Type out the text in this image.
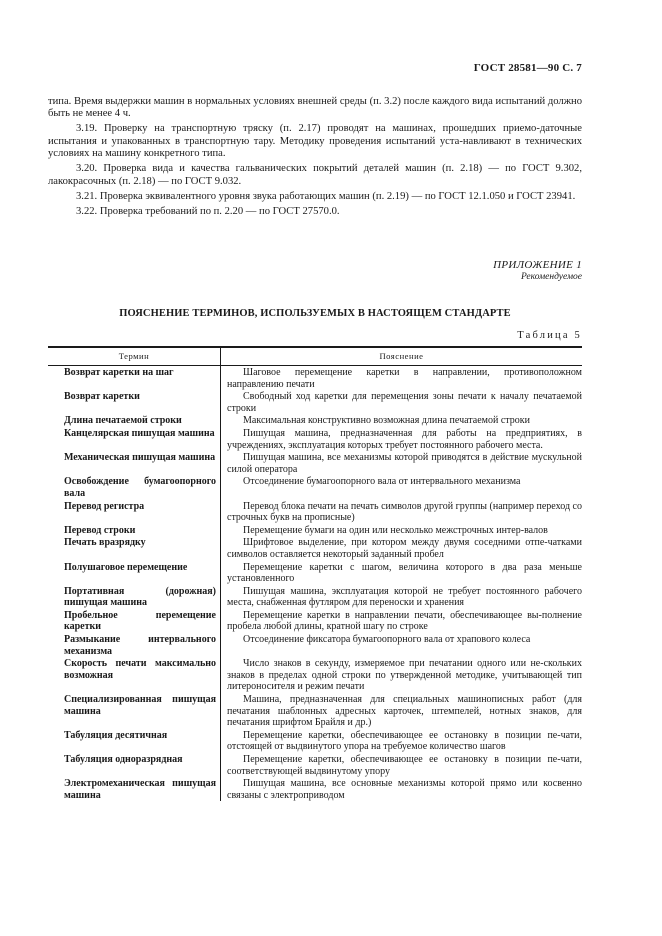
ГОСТ 28581—90 С. 7

типа. Время выдержки машин в нормальных условиях внешней среды (п. 3.2) после каждого вида испытаний должно быть не менее 4 ч.

3.19. Проверку на транспортную тряску (п. 2.17) проводят на машинах, прошедших приемо-даточные испытания и упакованных в транспортную тару. Методику проведения испытаний уста-навливают в технических условиях на машину конкретного типа.

3.20. Проверка вида и качества гальванических покрытий деталей машин (п. 2.18) — по ГОСТ 9.302, лакокрасочных (п. 2.18) — по ГОСТ 9.032.

3.21. Проверка эквивалентного уровня звука работающих машин (п. 2.19) — по ГОСТ 12.1.050 и ГОСТ 23941.

3.22. Проверка требований по п. 2.20 — по ГОСТ 27570.0.

ПРИЛОЖЕНИЕ 1
Рекомендуемое
ПОЯСНЕНИЕ ТЕРМИНОВ, ИСПОЛЬЗУЕМЫХ В НАСТОЯЩЕМ СТАНДАРТЕ
Таблица 5
Термин	Пояснение
Возврат каретки на шаг	Шаговое перемещение каретки в направлении, противоположном направлению печати

Возврат каретки	Свободный ход каретки для перемещения зоны печати к началу печатаемой строки

Длина печатаемой строки	Максимальная конструктивно возможная длина печатаемой строки

Канцелярская пишущая машина	Пишущая машина, предназначенная для работы на предприятиях, в учреждениях, эксплуатация которых требует постоянного рабочего места.

Механическая пишущая машина	Пишущая машина, все механизмы которой приводятся в действие мускульной силой оператора

Освобождение бумагоопорного вала	Отсоединение бумагоопорного вала от интервального механизма

Перевод регистра	Перевод блока печати на печать символов другой группы (например переход со строчных букв на прописные)

Перевод строки	Перемещение бумаги на один или несколько межстрочных интер-валов

Печать вразрядку	Шрифтовое выделение, при котором между двумя соседними отпе-чатками символов оставляется некоторый заданный пробел

Полушаговое перемещение	Перемещение каретки с шагом, величина которого в два раза меньше установленного

Портативная (дорожная) пишущая машина	Пишущая машина, эксплуатация которой не требует постоянного рабочего места, снабженная футляром для переноски и хранения

Пробельное перемещение каретки	Перемещение каретки в направлении печати, обеспечивающее вы-полнение пробела любой длины, кратной шагу по строке

Размыкание интервального механизма	Отсоединение фиксатора бумагоопорного вала от храпового колеса

Скорость печати максимально возможная	Число знаков в секунду, измеряемое при печатании одного или не-скольких знаков в пределах одной строки по утвержденной методике, учитывающей тип литероносителя и режим печати

Специализированная пишущая машина	Машина, предназначенная для специальных машинописных работ (для печатания шаблонных адресных карточек, штемпелей, нотных знаков, для печатания шрифтом Брайля и др.)

Табуляция десятичная	Перемещение каретки, обеспечивающее ее остановку в позиции пе-чати, отстоящей от выдвинутого упора на требуемое количество шагов

Табуляция одноразрядная	Перемещение каретки, обеспечивающее ее остановку в позиции пе-чати, соответствующей выдвинутому упору

Электромеханическая пишущая машина	Пишущая машина, все основные механизмы которой прямо или косвенно связаны с электроприводом
